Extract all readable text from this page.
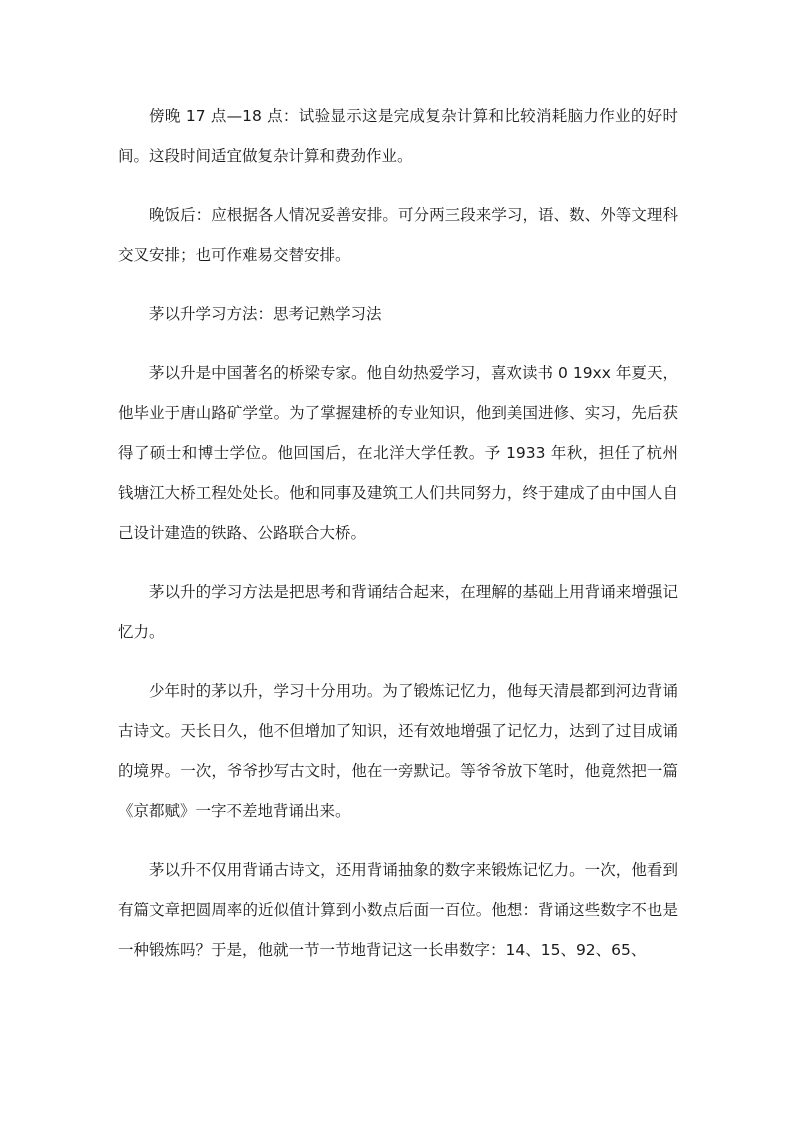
傍晚 17 点—18 点：试验显示这是完成复杂计算和比较消耗脑力作业的好时间。这段时间适宜做复杂计算和费劲作业。

晚饭后：应根据各人情况妥善安排。可分两三段来学习，语、数、外等文理科交叉安排；也可作难易交替安排。

茅以升学习方法：思考记熟学习法

茅以升是中国著名的桥梁专家。他自幼热爱学习，喜欢读书 0 19xx 年夏天，他毕业于唐山路矿学堂。为了掌握建桥的专业知识，他到美国进修、实习，先后获得了硕士和博士学位。他回国后，在北洋大学任教。予 1933 年秋，担任了杭州钱塘江大桥工程处处长。他和同事及建筑工人们共同努力，终于建成了由中国人自己设计建造的铁路、公路联合大桥。

茅以升的学习方法是把思考和背诵结合起来，在理解的基础上用背诵来增强记忆力。

少年时的茅以升，学习十分用功。为了锻炼记忆力，他每天清晨都到河边背诵古诗文。天长日久，他不但增加了知识，还有效地增强了记忆力，达到了过目成诵的境界。一次，爷爷抄写古文时，他在一旁默记。等爷爷放下笔时，他竟然把一篇《京都赋》一字不差地背诵出来。

茅以升不仅用背诵古诗文，还用背诵抽象的数字来锻炼记忆力。一次，他看到有篇文章把圆周率的近似值计算到小数点后面一百位。他想：背诵这些数字不也是一种锻炼吗？于是，他就一节一节地背记这一长串数字：14、15、92、65、
